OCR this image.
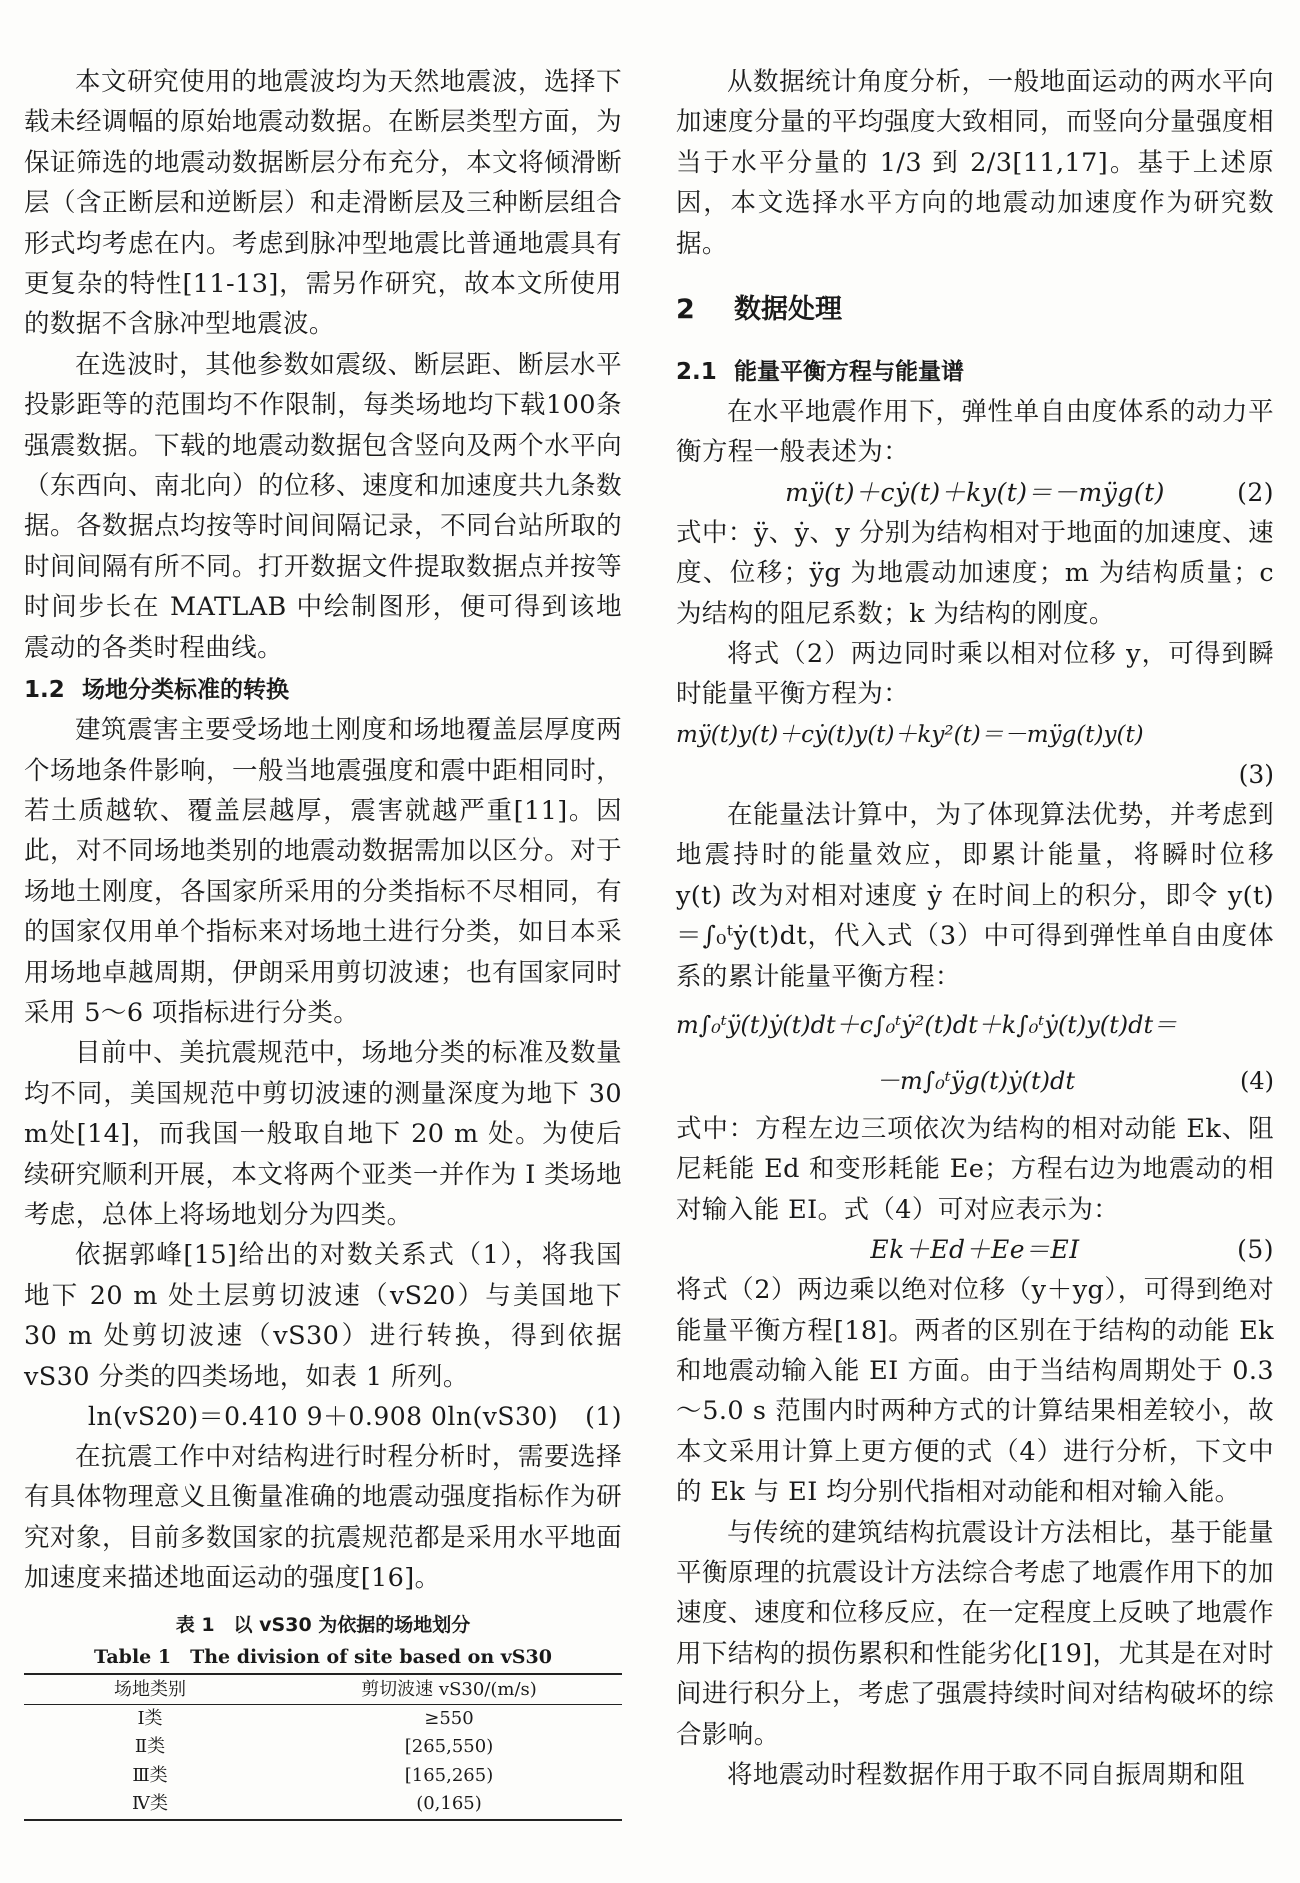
本文研究使用的地震波均为天然地震波，选择下载未经调幅的原始地震动数据。在断层类型方面，为保证筛选的地震动数据断层分布充分，本文将倾滑断层（含正断层和逆断层）和走滑断层及三种断层组合形式均考虑在内。考虑到脉冲型地震比普通地震具有更复杂的特性[11-13]，需另作研究，故本文所使用的数据不含脉冲型地震波。

在选波时，其他参数如震级、断层距、断层水平投影距等的范围均不作限制，每类场地均下载100条强震数据。下载的地震动数据包含竖向及两个水平向（东西向、南北向）的位移、速度和加速度共九条数据。各数据点均按等时间间隔记录，不同台站所取的时间间隔有所不同。打开数据文件提取数据点并按等时间步长在 MATLAB 中绘制图形，便可得到该地震动的各类时程曲线。

1.2 场地分类标准的转换

建筑震害主要受场地土刚度和场地覆盖层厚度两个场地条件影响，一般当地震强度和震中距相同时，若土质越软、覆盖层越厚，震害就越严重[11]。因此，对不同场地类别的地震动数据需加以区分。对于场地土刚度，各国家所采用的分类指标不尽相同，有的国家仅用单个指标来对场地土进行分类，如日本采用场地卓越周期，伊朗采用剪切波速；也有国家同时采用 5～6 项指标进行分类。

目前中、美抗震规范中，场地分类的标准及数量均不同，美国规范中剪切波速的测量深度为地下 30 m处[14]，而我国一般取自地下 20 m 处。为使后续研究顺利开展，本文将两个亚类一并作为 Ⅰ 类场地考虑，总体上将场地划分为四类。

依据郭峰[15]给出的对数关系式（1），将我国地下 20 m 处土层剪切波速（vS20）与美国地下 30 m 处剪切波速（vS30）进行转换，得到依据 vS30 分类的四类场地，如表 1 所列。

ln(vS20)＝0.410 9＋0.908 0ln(vS30) (1)

在抗震工作中对结构进行时程分析时，需要选择有具体物理意义且衡量准确的地震动强度指标作为研究对象，目前多数国家的抗震规范都是采用水平地面加速度来描述地面运动的强度[16]。

表 1　以 vS30 为依据的场地划分
Table 1　The division of site based on vS30
场地类别	剪切波速 vS30/(m/s)
Ⅰ类	≥550
Ⅱ类	[265,550)
Ⅲ类	[165,265)
Ⅳ类	(0,165)

从数据统计角度分析，一般地面运动的两水平向加速度分量的平均强度大致相同，而竖向分量强度相当于水平分量的 1/3 到 2/3[11,17]。基于上述原因，本文选择水平方向的地震动加速度作为研究数据。

2 数据处理
2.1 能量平衡方程与能量谱

在水平地震作用下，弹性单自由度体系的动力平衡方程一般表述为：

mÿ(t)＋cẏ(t)＋ky(t)＝－mÿg(t)	(2)

式中：ÿ、ẏ、y 分别为结构相对于地面的加速度、速度、位移；ÿg 为地震动加速度；m 为结构质量；c 为结构的阻尼系数；k 为结构的刚度。

将式（2）两边同时乘以相对位移 y，可得到瞬时能量平衡方程为：

mÿ(t)y(t)＋cẏ(t)y(t)＋ky²(t)＝－mÿg(t)y(t)
(3)

在能量法计算中，为了体现算法优势，并考虑到地震持时的能量效应，即累计能量，将瞬时位移 y(t) 改为对相对速度 ẏ 在时间上的积分，即令 y(t)＝∫₀ᵗẏ(t)dt，代入式（3）中可得到弹性单自由度体系的累计能量平衡方程：

m∫₀ᵗÿ(t)ẏ(t)dt＋c∫₀ᵗẏ²(t)dt＋k∫₀ᵗẏ(t)y(t)dt＝
－m∫₀ᵗÿg(t)ẏ(t)dt	(4)

式中：方程左边三项依次为结构的相对动能 Ek、阻尼耗能 Ed 和变形耗能 Ee；方程右边为地震动的相对输入能 EI。式（4）可对应表示为：

Ek＋Ed＋Ee＝EI	(5)

将式（2）两边乘以绝对位移（y＋yg），可得到绝对能量平衡方程[18]。两者的区别在于结构的动能 Ek 和地震动输入能 EI 方面。由于当结构周期处于 0.3～5.0 s 范围内时两种方式的计算结果相差较小，故本文采用计算上更方便的式（4）进行分析，下文中的 Ek 与 EI 均分别代指相对动能和相对输入能。

与传统的建筑结构抗震设计方法相比，基于能量平衡原理的抗震设计方法综合考虑了地震作用下的加速度、速度和位移反应，在一定程度上反映了地震作用下结构的损伤累积和性能劣化[19]，尤其是在对时间进行积分上，考虑了强震持续时间对结构破坏的综合影响。

将地震动时程数据作用于取不同自振周期和阻
